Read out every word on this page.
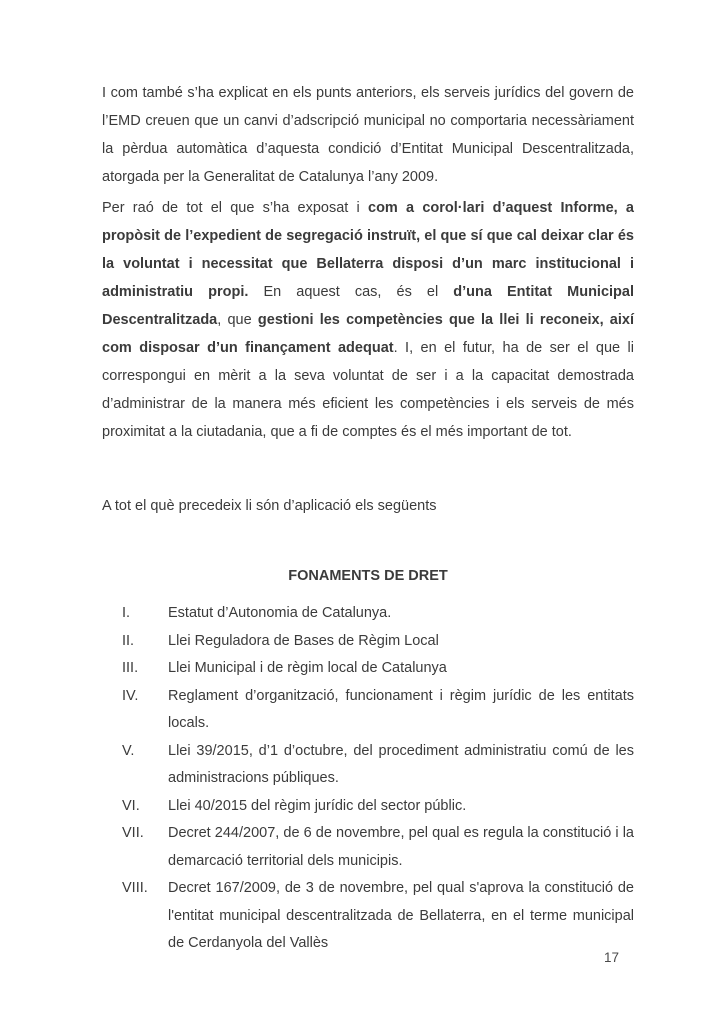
I com també s’ha explicat en els punts anteriors, els serveis jurídics del govern de l’EMD creuen que un canvi d’adscripció municipal no comportaria necessàriament la pèrdua automàtica d’aquesta condició d’Entitat Municipal Descentralitzada, atorgada per la Generalitat de Catalunya l’any 2009.

Per raó de tot el que s’ha exposat i com a corol·lari d’aquest Informe, a propòsit de l’expedient de segregació instruït, el que sí que cal deixar clar és la voluntat i necessitat que Bellaterra disposi d’un marc institucional i administratiu propi. En aquest cas, és el d’una Entitat Municipal Descentralitzada, que gestioni les competències que la llei li reconeix, així com disposar d’un finançament adequat. I, en el futur, ha de ser el que li correspongui en mèrit a la seva voluntat de ser i a la capacitat demostrada d’administrar de la manera més eficient les competències i els serveis de més proximitat a la ciutadania, que a fi de comptes és el més important de tot.

A tot el què precedeix li són d’aplicació els següents

FONAMENTS DE DRET
I.	Estatut d’Autonomia de Catalunya.
II. Llei Reguladora de Bases de Règim Local
III. Llei Municipal i de règim local de Catalunya
IV. Reglament d’organització, funcionament i règim jurídic de les entitats locals.
V. Llei 39/2015, d’1 d’octubre, del procediment administratiu comú de les administracions públiques.
VI. Llei 40/2015 del règim jurídic del sector públic.
VII. Decret 244/2007, de 6 de novembre, pel qual es regula la constitució i la demarcació territorial dels municipis.
VIII. Decret 167/2009, de 3 de novembre, pel qual s'aprova la constitució de l'entitat municipal descentralitzada de Bellaterra, en el terme municipal de Cerdanyola del Vallès
17
